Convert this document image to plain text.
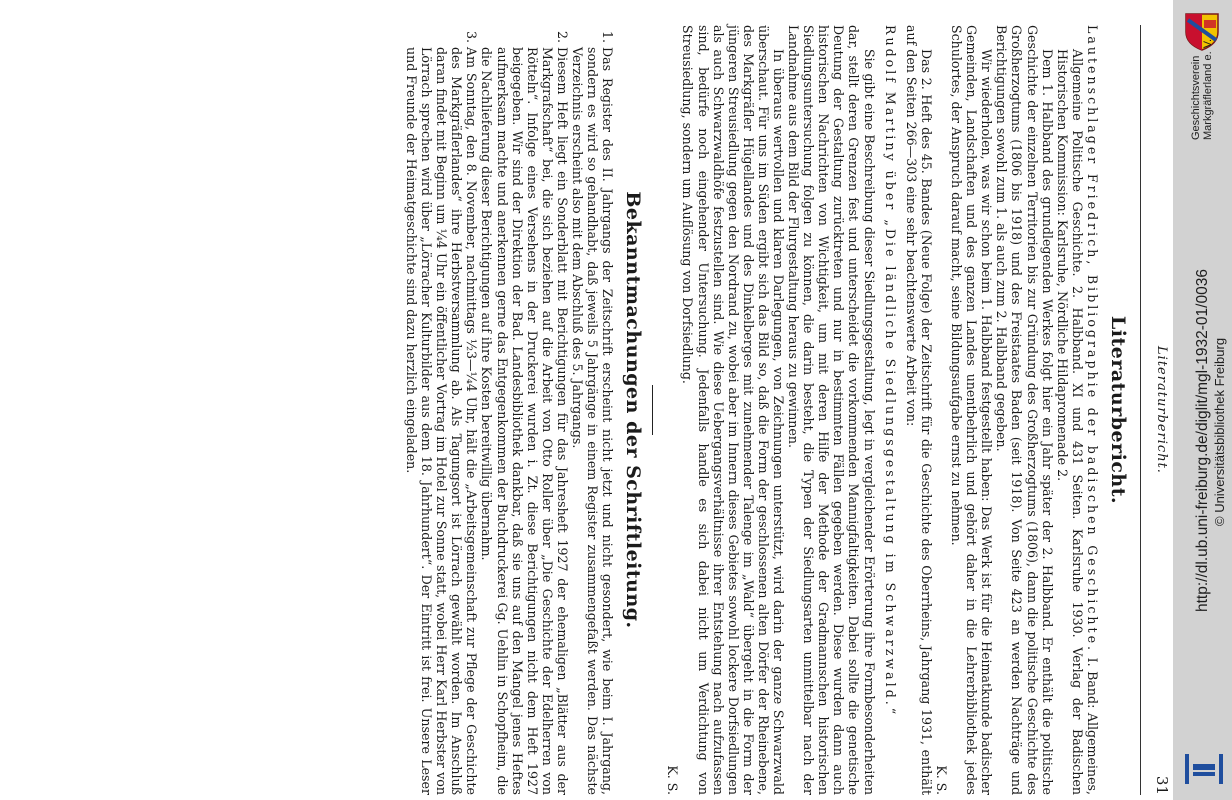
Literaturbericht.
31
Literaturbericht.

Lautenschlager Friedrich, Bibliographie der badischen Geschichte. I. Band: Allgemeines, Allgemeine Politische Geschichte. 2. Halbband. XI und 431 Seiten. Karlsruhe 1930. Verlag der Badischen Historischen Kommission: Karlsruhe, Nördliche Hildapromenade 2.

Dem 1. Halbband des grundlegenden Werkes folgt hier ein Jahr später der 2. Halbband. Er enthält die politische Geschichte der einzelnen Territorien bis zur Gründung des Großherzogtums (1806), dann die politische Geschichte des Großherzogtums (1806 bis 1918) und des Freistaates Baden (seit 1918). Von Seite 423 an werden Nachträge und Berichtigungen sowohl zum 1. als auch zum 2. Halbband gegeben.

Wir wiederholen, was wir schon beim 1. Halbband festgestellt haben: Das Werk ist für die Heimatkunde badischer Gemeinden, Landschaften und des ganzen Landes unentbehrlich und gehört daher in die Lehrerbibliothek jedes Schulortes, der Anspruch darauf macht, seine Bildungsaufgabe ernst zu nehmen.

K. S.

Das 2. Heft des 45. Bandes (Neue Folge) der Zeitschrift für die Geschichte des Oberrheins, Jahrgang 1931, enthält auf den Seiten 266—303 eine sehr beachtenswerte Arbeit von:

Rudolf Martiny über „Die ländliche Siedlungsgestaltung im Schwarzwald.“

Sie gibt eine Beschreibung dieser Siedlungsgestaltung, legt in vergleichender Erörterung ihre Formbesonderheiten dar, stellt deren Grenzen fest und unterscheidet die vorkommenden Mannigfaltigkeiten. Dabei sollte die genetische Deutung der Gestaltung zurücktreten und nur in bestimmten Fällen gegeben werden. Diese wurden dann auch historischen Nachrichten von Wichtigkeit, um mit deren Hilfe der Methode der Gradmannschen historischen Siedlungsuntersuchung folgen zu können, die darin besteht, die Typen der Siedlungsarten unmittelbar nach der Landnahme aus dem Bild der Flurgestaltung heraus zu gewinnen.

In überaus wertvollen und klaren Darlegungen, von Zeichnungen unterstützt, wird darin der ganze Schwarzwald überschaut. Für uns im Süden ergibt sich das Bild so, daß die Form der geschlossenen alten Dörfer der Rheinebene, des Markgräfler Hügellandes und des Dinkelberges mit zunehmender Talenge im „Wald“ übergeht in die Form der jüngeren Streusiedlung gegen den Nordrand zu, wobei aber im Innern dieses Gebietes sowohl lockere Dorfsiedlungen als auch Schwarzwaldhöfe festzustellen sind. Wie diese Uebergangsverhältnisse ihrer Entstehung nach aufzufassen sind, bedürfe noch eingehender Untersuchung. Jedenfalls handle es sich dabei nicht um Verdichtung von Streusiedlung, sondern um Auflösung von Dorfsiedlung.

K. S.

Bekanntmachungen der Schriftleitung.
1. Das Register des II. Jahrgangs der Zeitschrift erscheint nicht jetzt und nicht gesondert, wie beim I. Jahrgang, sondern es wird so gehandhabt, daß jeweils 5 Jahrgänge in einem Register zusammengefaßt werden. Das nächste Verzeichnis erscheint also mit dem Abschluß des 5. Jahrgangs.
2. Diesem Heft liegt ein Sonderblatt mit Berichtigungen für das Jahresheft 1927 der ehemaligen „Blätter aus der Markgrafschaft“ bei, die sich beziehen auf die Arbeit von Otto Roller über „Die Geschichte der Edelherren von Rötteln“. Infolge eines Versehens in der Druckerei wurden i. Zt. diese Berichtigungen nicht dem Heft 1927 beigegeben. Wir sind der Direktion der Bad. Landesbibliothek dankbar, daß sie uns auf den Mangel jenes Heftes aufmerksam machte und anerkennen gerne das Entgegenkommen der Buchdruckerei Gg. Uehlin in Schopfheim, die die Nachlieferung dieser Berichtigungen auf ihre Kosten bereitwillig übernahm.
3. Am Sonntag, den 8. November, nachmittags ½3—¼4 Uhr, hält die „Arbeitsgemeinschaft zur Pflege der Geschichte des Markgräflerlandes“ ihre Herbstversammlung ab. Als Tagungsort ist Lörrach gewählt worden. Im Anschluß daran findet mit Beginn um ¼4 Uhr ein öffentlicher Vortrag im Hotel zur Sonne statt, wobei Herr Karl Herbster von Lörrach sprechen wird über „Lörracher Kulturbilder aus dem 18. Jahrhundert“. Der Eintritt ist frei. Unsere Leser und Freunde der Heimatgeschichte sind dazu herzlich eingeladen.	Geschichtsverein Markgräflerland e. V.
http://dl.ub.uni-freiburg.de/diglit/mgl-1932-01/0036 © Universitätsbibliothek Freiburg
